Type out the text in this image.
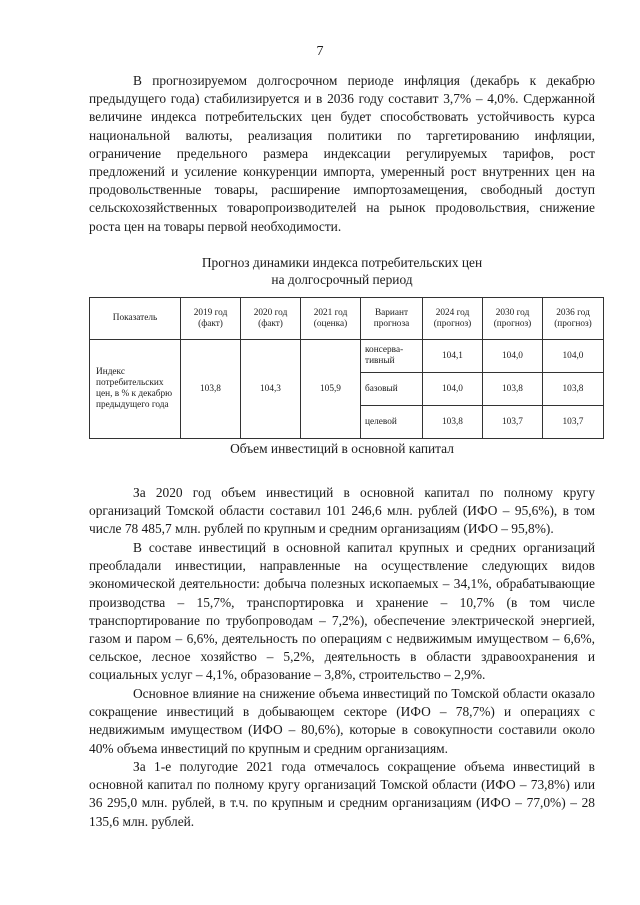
7

В прогнозируемом долгосрочном периоде инфляция (декабрь к декабрю предыдущего года) стабилизируется и в 2036 году составит 3,7% – 4,0%. Сдержанной величине индекса потребительских цен будет способствовать устойчивость курса национальной валюты, реализация политики по таргетированию инфляции, ограничение предельного размера индексации регулируемых тарифов, рост предложений и усиление конкуренции импорта, умеренный рост внутренних цен на продовольственные товары, расширение импортозамещения, свободный доступ сельскохозяйственных товаропроизводителей на рынок продовольствия, снижение роста цен на товары первой необходимости.

Прогноз динамики индекса потребительских цен

на долгосрочный период

Показатель	2019 год (факт)	2020 год (факт)	2021 год (оценка)	Вариант прогноза	2024 год (прогноз)	2030 год (прогноз)	2036 год (прогноз)
Индекс потребительских цен, в % к декабрю предыдущего года	103,8	104,3	105,9	консерва-тивный	104,1	104,0	104,0
				базовый	104,0	103,8	103,8
				целевой	103,8	103,7	103,7

Объем инвестиций в основной капитал

За 2020 год объем инвестиций в основной капитал по полному кругу организаций Томской области составил 101 246,6 млн. рублей (ИФО – 95,6%), в том числе 78 485,7 млн. рублей по крупным и средним организациям (ИФО – 95,8%).

В составе инвестиций в основной капитал крупных и средних организаций преобладали инвестиции, направленные на осуществление следующих видов экономической деятельности: добыча полезных ископаемых – 34,1%, обрабатывающие производства – 15,7%, транспортировка и хранение – 10,7% (в том числе транспортирование по трубопроводам – 7,2%), обеспечение электрической энергией, газом и паром – 6,6%, деятельность по операциям с недвижимым имуществом – 6,6%, сельское, лесное хозяйство – 5,2%, деятельность в области здравоохранения и социальных услуг – 4,1%, образование – 3,8%, строительство – 2,9%.

Основное влияние на снижение объема инвестиций по Томской области оказало сокращение инвестиций в добывающем секторе (ИФО – 78,7%) и операциях с недвижимым имуществом (ИФО – 80,6%), которые в совокупности составили около 40% объема инвестиций по крупным и средним организациям.

За 1-е полугодие 2021 года отмечалось сокращение объема инвестиций в основной капитал по полному кругу организаций Томской области (ИФО – 73,8%) или 36 295,0 млн. рублей, в т.ч. по крупным и средним организациям (ИФО – 77,0%) – 28 135,6 млн. рублей.
